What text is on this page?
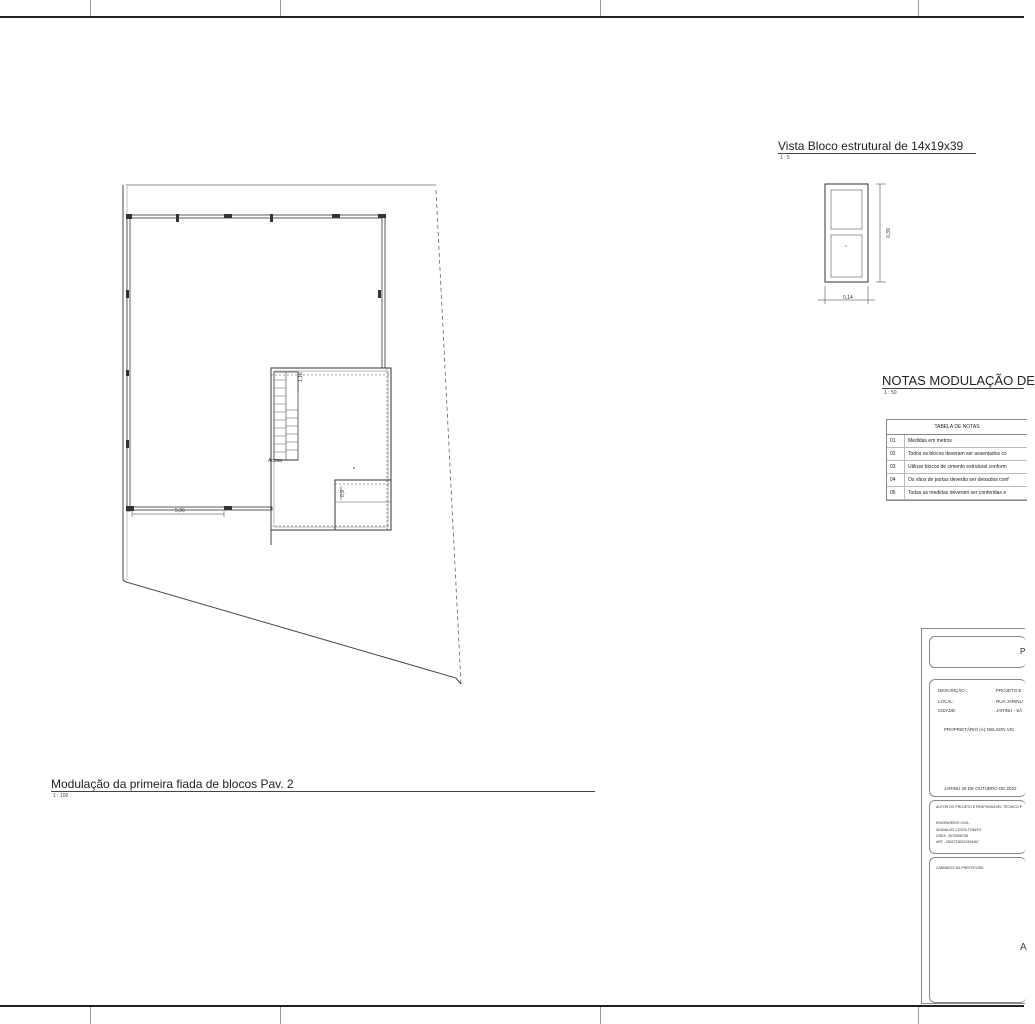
5,06
1,16
0,9
Acima
0,39
0,14
Modulação da primeira fiada de blocos Pav. 2
1 : 100
Vista Bloco estrutural de 14x19x39
1 : 5
NOTAS MODULAÇÃO DE
1 : 50
TABELA DE NOTAS
01 Medidas em metros
02 Todos os blocos deveram ser assentados co
03 Utilizar blocos de cimento estrutural conform
04 Os vãos de portas deverão ser deixados conf
05 Todas as medidas deveram ser conferidas e
P
DESCRIÇÃO :	PROJETO E
LOCAL:	RUA JARINU
CIDADE:	JARINU - SÃ
PROPRIETÁRIO (A): NELSON VIC
JARINU 28 DE OUTUBRO DE 2022
AUTOR DO PROJETO E RESPONSÁVEL TÉCNICO P
ENGENHEIRO CIVIL
ADMIALDO COSTA TOMITO
CREA : 5070506758
ART : 28027230021939467
CARIMBOS DA PREFEITURA
A
